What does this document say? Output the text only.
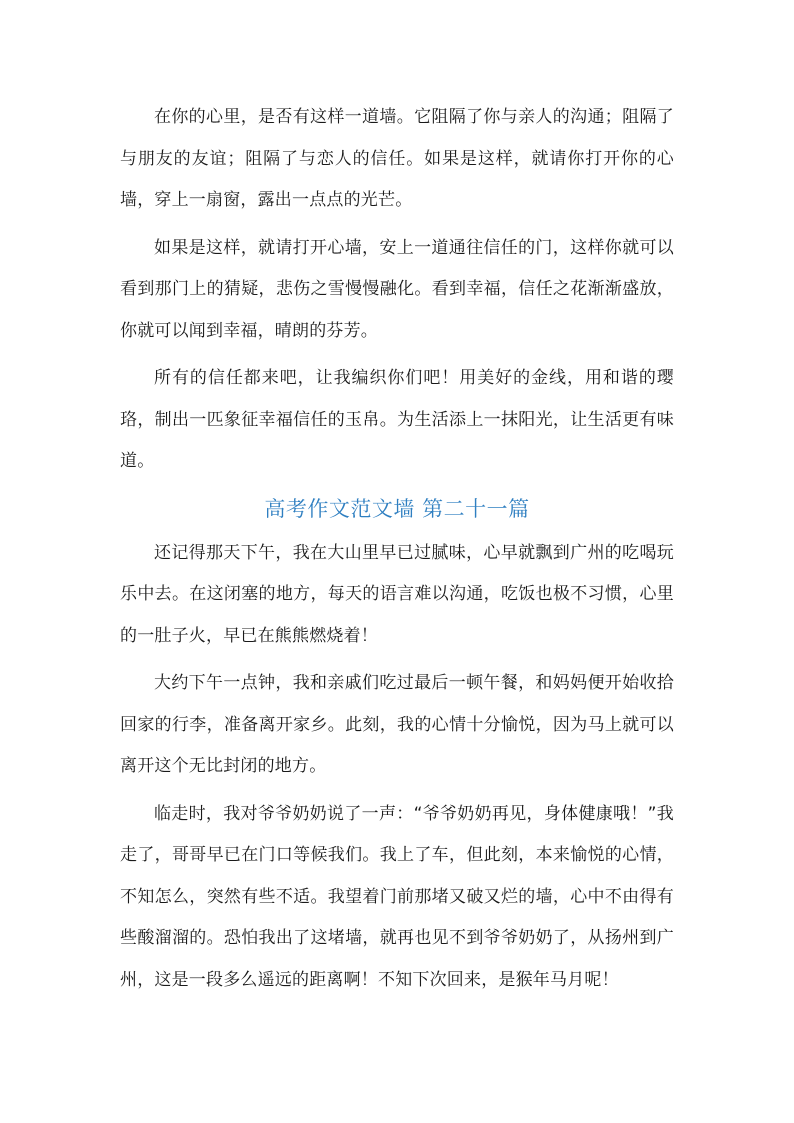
在你的心里，是否有这样一道墙。它阻隔了你与亲人的沟通；阻隔了与朋友的友谊；阻隔了与恋人的信任。如果是这样，就请你打开你的心墙，穿上一扇窗，露出一点点的光芒。

如果是这样，就请打开心墙，安上一道通往信任的门，这样你就可以看到那门上的猜疑，悲伤之雪慢慢融化。看到幸福，信任之花渐渐盛放，你就可以闻到幸福，晴朗的芬芳。

所有的信任都来吧，让我编织你们吧！用美好的金线，用和谐的璎珞，制出一匹象征幸福信任的玉帛。为生活添上一抹阳光，让生活更有味道。

高考作文范文墙 第二十一篇

还记得那天下午，我在大山里早已过腻味，心早就飘到广州的吃喝玩乐中去。在这闭塞的地方，每天的语言难以沟通，吃饭也极不习惯，心里的一肚子火，早已在熊熊燃烧着！

大约下午一点钟，我和亲戚们吃过最后一顿午餐，和妈妈便开始收拾回家的行李，准备离开家乡。此刻，我的心情十分愉悦，因为马上就可以离开这个无比封闭的地方。

临走时，我对爷爷奶奶说了一声：“爷爷奶奶再见，身体健康哦！”我走了，哥哥早已在门口等候我们。我上了车，但此刻，本来愉悦的心情，不知怎么，突然有些不适。我望着门前那堵又破又烂的墙，心中不由得有些酸溜溜的。恐怕我出了这堵墙，就再也见不到爷爷奶奶了，从扬州到广州，这是一段多么遥远的距离啊！不知下次回来，是猴年马月呢！
